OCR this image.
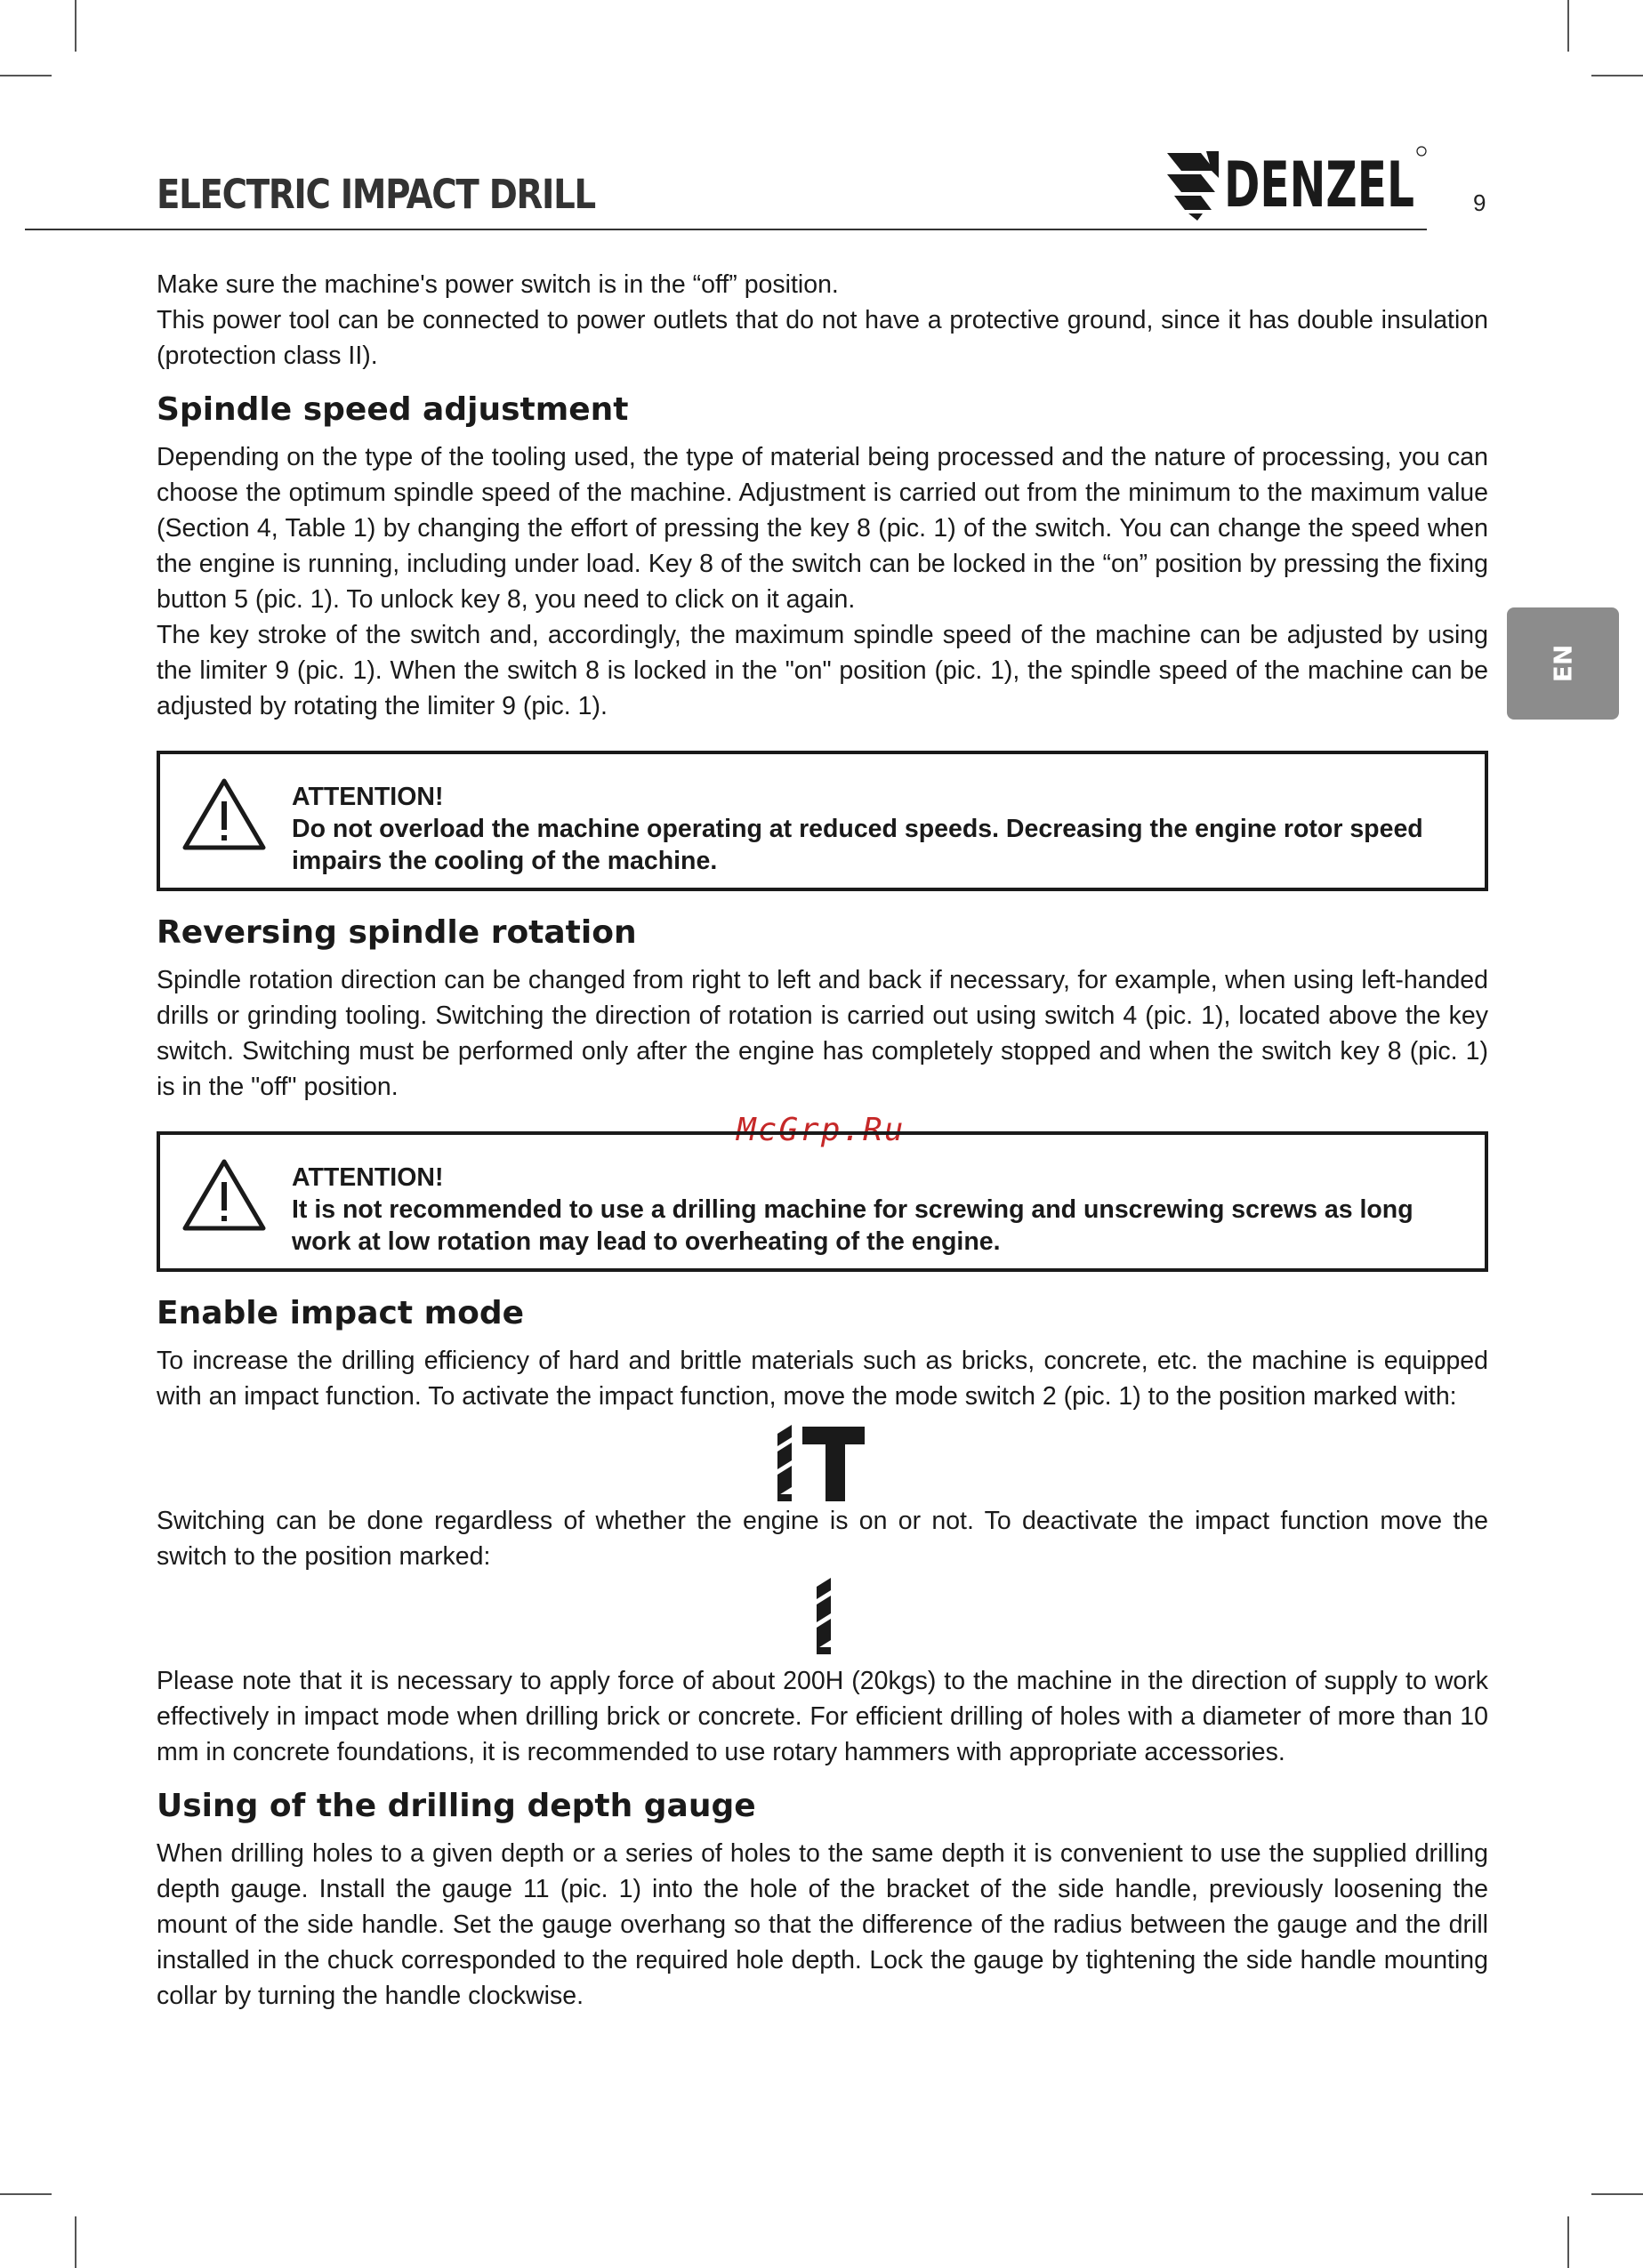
ELECTRIC IMPACT DRILL	DENZEL	9
EN
McGrp.Ru

Make sure the machine's power switch is in the “off” position.

This power tool can be connected to power outlets that do not have a protective ground, since it has double insulation (protection class II).

Spindle speed adjustment

Depending on the type of the tooling used, the type of material being processed and the nature of processing, you can choose the optimum spindle speed of the machine. Adjustment is carried out from the minimum to the maximum value (Section 4, Table 1) by changing the effort of pressing the key 8 (pic. 1) of the switch. You can change the speed when the engine is running, including under load. Key 8 of the switch can be locked in the “on” position by pressing the fixing button 5 (pic. 1). To unlock key 8, you need to click on it again.

The key stroke of the switch and, accordingly, the maximum spindle speed of the machine can be adjusted by using the limiter 9 (pic. 1). When the switch 8 is locked in the "on" position (pic. 1), the spindle speed of the machine can be adjusted by rotating the limiter 9 (pic. 1).

ATTENTION!
Do not overload the machine operating at reduced speeds. Decreasing the engine rotor speed impairs the cooling of the machine.
Reversing spindle rotation

Spindle rotation direction can be changed from right to left and back if necessary, for example, when using left-handed drills or grinding tooling. Switching the direction of rotation is carried out using switch 4 (pic. 1), located above the key switch. Switching must be performed only after the engine has completely stopped and when the switch key 8 (pic. 1) is in the "off" position.

ATTENTION!
It is not recommended to use a drilling machine for screwing and unscrewing screws as long work at low rotation may lead to overheating of the engine.
Enable impact mode

To increase the drilling efficiency of hard and brittle materials such as bricks, concrete, etc. the machine is equipped with an impact function. To activate the impact function, move the mode switch 2 (pic. 1) to the position marked with:

Switching can be done regardless of whether the engine is on or not. To deactivate the impact function move the switch to the position marked:

Please note that it is necessary to apply force of about 200H (20kgs) to the machine in the direction of supply to work effectively in impact mode when drilling brick or concrete. For efficient drilling of holes with a diameter of more than 10 mm in concrete foundations, it is recommended to use rotary hammers with appropriate accessories.

Using of the drilling depth gauge

When drilling holes to a given depth or a series of holes to the same depth it is convenient to use the supplied drilling depth gauge. Install the gauge 11 (pic. 1) into the hole of the bracket of the side handle, previously loosening the mount of the side handle. Set the gauge overhang so that the difference of the radius between the gauge and the drill installed in the chuck corresponded to the required hole depth. Lock the gauge by tightening the side handle mounting collar by turning the handle clockwise.
